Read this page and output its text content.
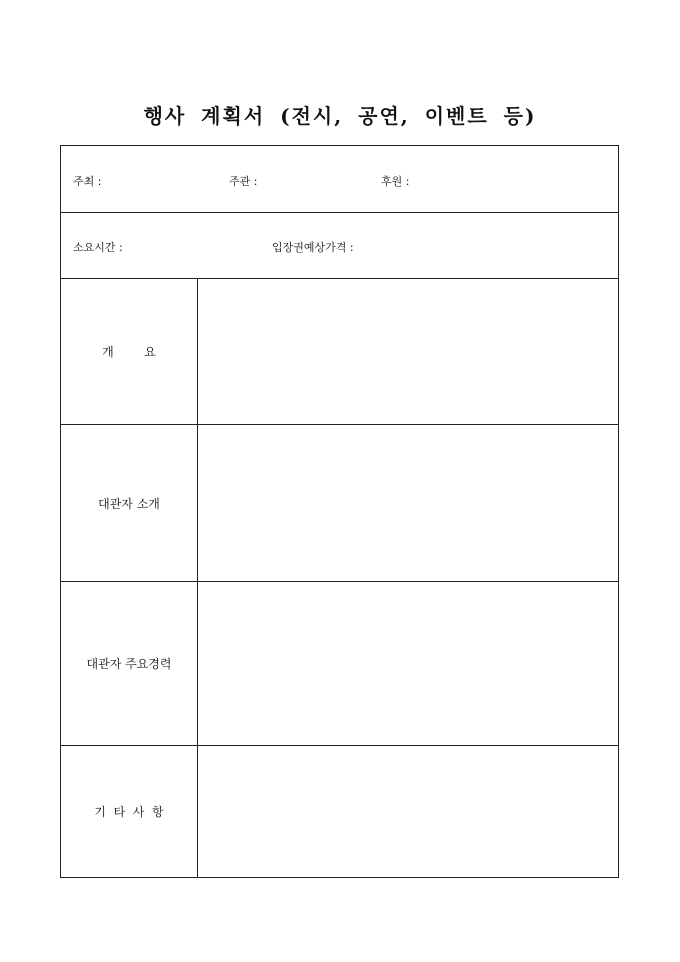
행사 계획서 (전시, 공연, 이벤트 등)
주최 :	주관 :	후원 :
소요시간 :	입장권예상가격 :
개        요
대관자 소개
대관자 주요경력
기  타  사  항
